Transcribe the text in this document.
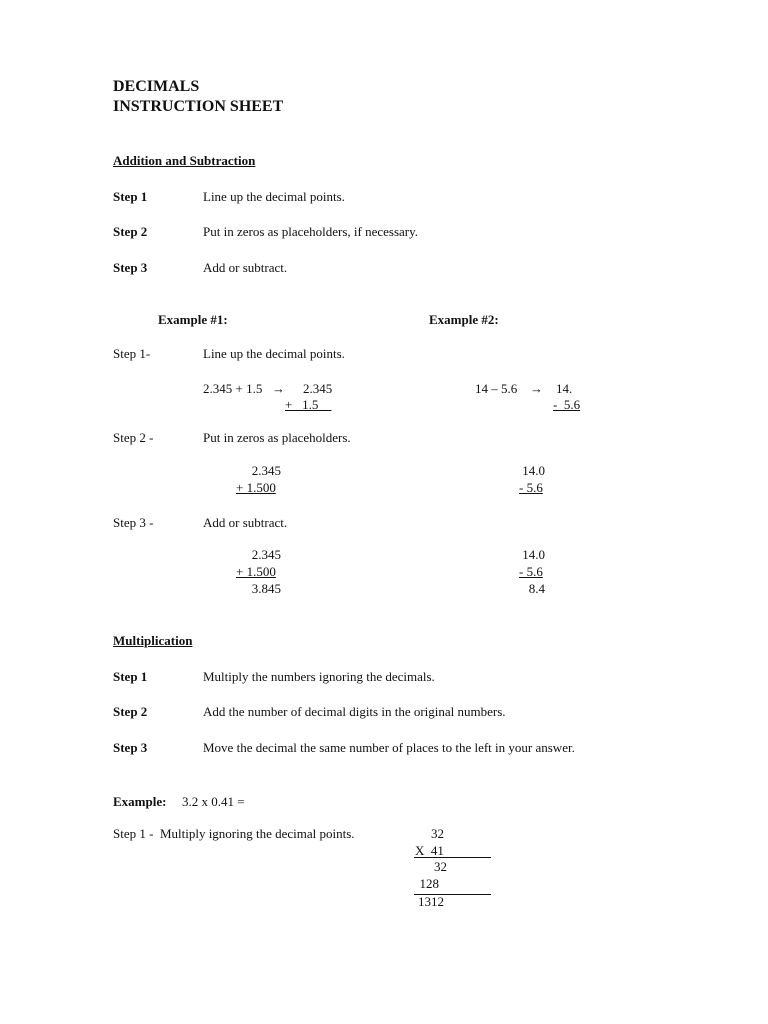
DECIMALS
INSTRUCTION SHEET
Addition and Subtraction
Step 1	Line up the decimal points.
Step 2	Put in zeros as placeholders, if necessary.
Step 3	Add or subtract.
Example #1:	Example #2:
Step 1-	Line up the decimal points.
2.345 + 1.5 → 2.345
+   1.5__
14 – 5.6 → 14.
-  5.6
Step 2 -	Put in zeros as placeholders.
2.345
+ 1.500
14.0
- 5.6
Step 3 -	Add or subtract.
2.345
+ 1.500
3.845
14.0
- 5.6
8.4
Multiplication
Step 1	Multiply the numbers ignoring the decimals.
Step 2	Add the number of decimal digits in the original numbers.
Step 3	Move the decimal the same number of places to the left in your answer.
Example: 3.2 x 0.41 =
Step 1 -  Multiply ignoring the decimal points.	32
X  41
32
128
1312
